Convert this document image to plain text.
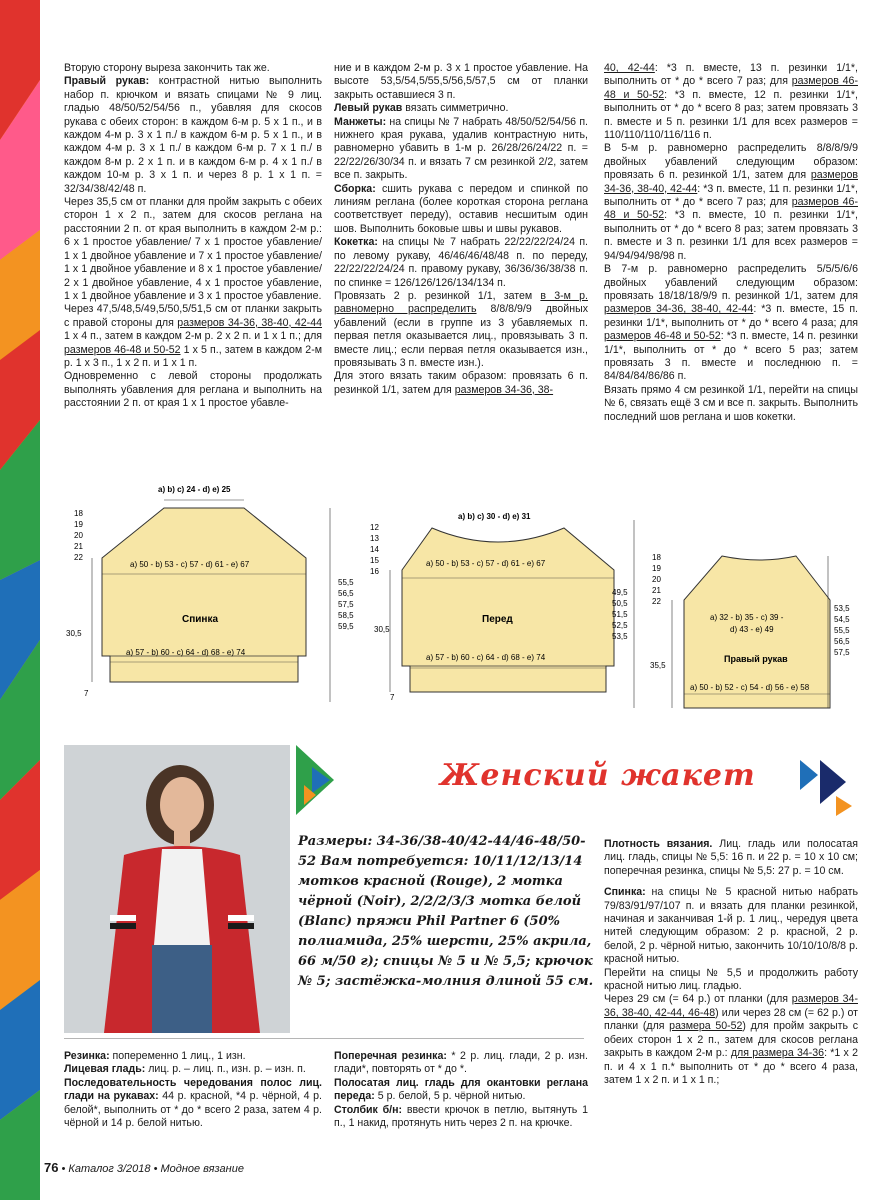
Вторую сторону выреза закончить так же.

Правый рукав: контрастной нитью выполнить набор п. крючком и вязать спицами № 9 лиц. гладью 48/50/52/54/56 п., убавляя для скосов рукава с обеих сторон: в каждом 6-м р. 5 х 1 п., и в каждом 4-м р. 3 х 1 п./ в каждом 6-м р. 5 х 1 п., и в каждом 4-м р. 3 х 1 п./ в каждом 6-м р. 7 х 1 п./ в каждом 8-м р. 2 х 1 п. и в каждом 6-м р. 4 х 1 п./ в каждом 10-м р. 3 х 1 п. и через 8 р. 1 х 1 п. = 32/34/38/42/48 п.

Через 35,5 см от планки для пройм закрыть с обеих сторон 1 х 2 п., затем для скосов реглана на расстоянии 2 п. от края выполнить в каждом 2-м р.: 6 х 1 простое убавление/ 7 х 1 простое убавление/ 1 х 1 двойное убавление и 7 х 1 простое убавление/ 1 х 1 двойное убавление и 8 х 1 простое убавление/ 2 х 1 двойное убавление, 4 х 1 простое убавление, 1 х 1 двойное убавление и 3 х 1 простое убавление.

Через 47,5/48,5/49,5/50,5/51,5 см от планки закрыть с правой стороны для размеров 34-36, 38-40, 42-44 1 х 4 п., затем в каждом 2-м р. 2 х 2 п. и 1 х 1 п.; для размеров 46-48 и 50-52 1 х 5 п., затем в каждом 2-м р. 1 х 3 п., 1 х 2 п. и 1 х 1 п.

Одновременно с левой стороны продолжать выполнять убавления для реглана и выполнить на расстоянии 2 п. от края 1 х 1 простое убавле-

ние и в каждом 2-м р. 3 х 1 простое убавление. На высоте 53,5/54,5/55,5/56,5/57,5 см от планки закрыть оставшиеся 3 п.

Левый рукав вязать симметрично.

Манжеты: на спицы № 7 набрать 48/50/52/54/56 п. нижнего края рукава, удалив контрастную нить, равномерно убавить в 1-м р. 26/28/26/24/22 п. = 22/22/26/30/34 п. и вязать 7 см резинкой 2/2, затем все п. закрыть.

Сборка: сшить рукава с передом и спинкой по линиям реглана (более короткая сторона реглана соответствует переду), оставив несшитым один шов. Выполнить боковые швы и швы рукавов.

Кокетка: на спицы № 7 набрать 22/22/22/24/24 п. по левому рукаву, 46/46/46/48/48 п. по переду, 22/22/22/24/24 п. правому рукаву, 36/36/36/38/38 п. по спинке = 126/126/126/134/134 п.

Провязать 2 р. резинкой 1/1, затем в 3-м р. равномерно распределить 8/8/8/9/9 двойных убавлений (если в группе из 3 убавляемых п. первая петля оказывается лиц., провязывать 3 п. вместе лиц.; если первая петля оказывается изн., провязывать 3 п. вместе изн.).

Для этого вязать таким образом: провязать 6 п. резинкой 1/1, затем для размеров 34-36, 38-

40, 42-44: *3 п. вместе, 13 п. резинки 1/1*, выполнить от * до * всего 7 раз; для размеров 46-48 и 50-52: *3 п. вместе, 12 п. резинки 1/1*, выполнить от * до * всего 8 раз; затем провязать 3 п. вместе и 5 п. резинки 1/1 для всех размеров = 110/110/110/116/116 п.

В 5-м р. равномерно распределить 8/8/8/9/9 двойных убавлений следующим образом: провязать 6 п. резинкой 1/1, затем для размеров 34-36, 38-40, 42-44: *3 п. вместе, 11 п. резинки 1/1*, выполнить от * до * всего 7 раз; для размеров 46-48 и 50-52: *3 п. вместе, 10 п. резинки 1/1*, выполнить от * до * всего 8 раз; затем провязать 3 п. вместе и 3 п. резинки 1/1 для всех размеров = 94/94/94/98/98 п.

В 7-м р. равномерно распределить 5/5/5/6/6 двойных убавлений следующим образом: провязать 18/18/18/9/9 п. резинкой 1/1, затем для размеров 34-36, 38-40, 42-44: *3 п. вместе, 15 п. резинки 1/1*, выполнить от * до * всего 4 раза; для размеров 46-48 и 50-52: *3 п. вместе, 14 п. резинки 1/1*, выполнить от * до * всего 5 раз; затем провязать 3 п. вместе и последнюю п. = 84/84/84/86/86 п.

Вязать прямо 4 см резинкой 1/1, перейти на спицы № 6, связать ещё 3 см и все п. закрыть. Выполнить последний шов реглана и шов кокетки.

a) b) c) 24 - d) e) 25
a) 50 - b) 53 - c) 57 - d) 61 - e) 67
Спинка
a) 57 - b) 60 - c) 64 - d) 68 - e) 74
18
19
20
21
22
55,5
56,5
57,5
58,5
59,5
30,5
7
a) b) c) 30 - d) e) 31
a) 50 - b) 53 - c) 57 - d) 61 - e) 67
Перед
a) 57 - b) 60 - c) 64 - d) 68 - e) 74
12
13
14
15
16
49,5
50,5
51,5
52,5
53,5
30,5
7
a) 32 - b) 35 - c) 39 -
d) 43 - e) 49
Правый рукав
a) 50 - b) 52 - c) 54 - d) 56 - e) 58
18
19
20
21
22
53,5
54,5
55,5
56,5
57,5
35,5
Женский жакет
Размеры: 34-36/38-40/42-44/46-48/50-52 Вам потребуется: 10/11/12/13/14 мотков красной (Rouge), 2 мотка чёрной (Noir), 2/2/2/3/3 мотка белой (Blanc) пряжи Phil Partner 6 (50% полиамида, 25% шерсти, 25% акрила, 66 м/50 г); спицы № 5 и № 5,5; крючок № 5; застёжка-молния длиной 55 см.

Резинка: попеременно 1 лиц., 1 изн.

Лицевая гладь: лиц. р. – лиц. п., изн. р. – изн. п.

Последовательность чередования полос лиц. глади на рукавах: 44 р. красной, *4 р. чёрной, 4 р. белой*, выполнить от * до * всего 2 раза, затем 4 р. чёрной и 14 р. белой нитью.

Поперечная резинка: * 2 р. лиц. глади, 2 р. изн. глади*, повторять от * до *.

Полосатая лиц. гладь для окантовки реглана переда: 5 р. белой, 5 р. чёрной нитью.

Столбик б/н: ввести крючок в петлю, вытянуть 1 п., 1 накид, протянуть нить через 2 п. на крючке.

Плотность вязания. Лиц. гладь или полосатая лиц. гладь, спицы № 5,5: 16 п. и 22 р. = 10 х 10 см; поперечная резинка, спицы № 5,5: 27 р. = 10 см.

Спинка: на спицы № 5 красной нитью набрать 79/83/91/97/107 п. и вязать для планки резинкой, начиная и заканчивая 1-й р. 1 лиц., чередуя цвета нитей следующим образом: 2 р. красной, 2 р. белой, 2 р. чёрной нитью, закончить 10/10/10/8/8 р. красной нитью.

Перейти на спицы № 5,5 и продолжить работу красной нитью лиц. гладью.

Через 29 см (= 64 р.) от планки (для размеров 34-36, 38-40, 42-44, 46-48) или через 28 см (= 62 р.) от планки (для размера 50-52) для пройм закрыть с обеих сторон 1 х 2 п., затем для скосов реглана закрыть в каждом 2-м р.: для размера 34-36: *1 х 2 п. и 4 х 1 п.* выполнить от * до * всего 4 раза, затем 1 х 2 п. и 1 х 1 п.;

76 • Каталог 3/2018 • Модное вязание
